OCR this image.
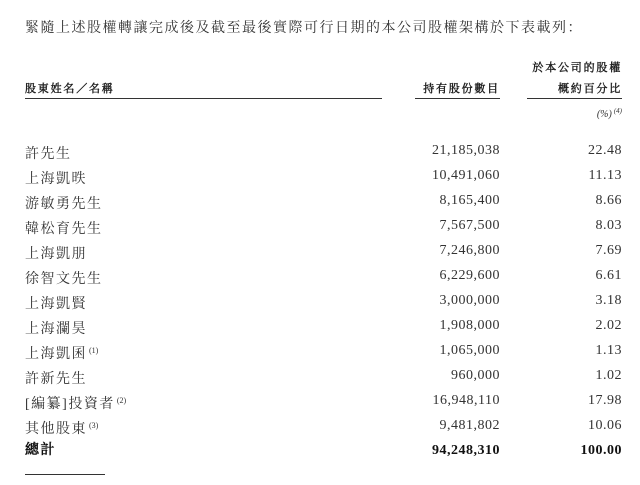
緊隨上述股權轉讓完成後及截至最後實際可行日期的本公司股權架構於下表載列：
股東姓名／名稱	持有股份數目
於本公司的股權
概約百分比
(%) $^{(4)}$
許先生	21,185,038	22.48
上海凱昳	10,491,060	11.13
游敏勇先生	8,165,400	8.66
韓松育先生	7,567,500	8.03
上海凱朋	7,246,800	7.69
徐智文先生	6,229,600	6.61
上海凱賢	3,000,000	3.18
上海瀾昊	1,908,000	2.02
上海凱囷 $^{(1)}$	1,065,000	1.13
許新先生	960,000	1.02
[編纂]投資者 $^{(2)}$	16,948,110	17.98
其他股東 $^{(3)}$	9,481,802	10.06
總計	94,248,310	100.00
